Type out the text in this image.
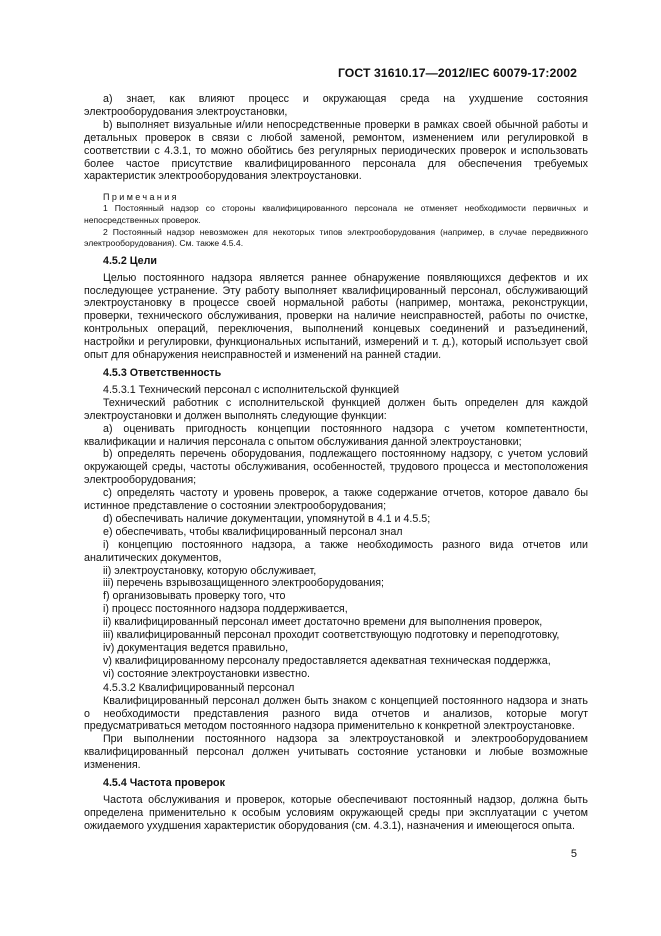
ГОСТ 31610.17—2012/IEC 60079-17:2002

a) знает, как влияют процесс и окружающая среда на ухудшение состояния электрооборудования электроустановки,

b) выполняет визуальные и/или непосредственные проверки в рамках своей обычной работы и детальных проверок в связи с любой заменой, ремонтом, изменением или регулировкой в соответствии с 4.3.1, то можно обойтись без регулярных периодических проверок и использовать более частое присутствие квалифицированного персонала для обеспечения требуемых характеристик электрооборудования электроустановки.

Примечания

1 Постоянный надзор со стороны квалифицированного персонала не отменяет необходимости первичных и непосредственных проверок.

2 Постоянный надзор невозможен для некоторых типов электрооборудования (например, в случае передвижного электрооборудования). См. также 4.5.4.

4.5.2 Цели

Целью постоянного надзора является раннее обнаружение появляющихся дефектов и их последующее устранение. Эту работу выполняет квалифицированный персонал, обслуживающий электроустановку в процессе своей нормальной работы (например, монтажа, реконструкции, проверки, технического обслуживания, проверки на наличие неисправностей, работы по очистке, контрольных операций, переключения, выполнений концевых соединений и разъединений, настройки и регулировки, функциональных испытаний, измерений и т. д.), который использует свой опыт для обнаружения неисправностей и изменений на ранней стадии.

4.5.3 Ответственность

4.5.3.1 Технический персонал с исполнительской функцией

Технический работник с исполнительской функцией должен быть определен для каждой электроустановки и должен выполнять следующие функции:

a) оценивать пригодность концепции постоянного надзора с учетом компетентности, квалификации и наличия персонала с опытом обслуживания данной электроустановки;

b) определять перечень оборудования, подлежащего постоянному надзору, с учетом условий окружающей среды, частоты обслуживания, особенностей, трудового процесса и местоположения электрооборудования;

c) определять частоту и уровень проверок, а также содержание отчетов, которое давало бы истинное представление о состоянии электрооборудования;

d) обеспечивать наличие документации, упомянутой в 4.1 и 4.5.5;

e) обеспечивать, чтобы квалифицированный персонал знал

i) концепцию постоянного надзора, а также необходимость разного вида отчетов или аналитических документов,

ii) электроустановку, которую обслуживает,

iii) перечень взрывозащищенного электрооборудования;

f) организовывать проверку того, что

i) процесс постоянного надзора поддерживается,

ii) квалифицированный персонал имеет достаточно времени для выполнения проверок,

iii) квалифицированный персонал проходит соответствующую подготовку и переподготовку,

iv) документация ведется правильно,

v) квалифицированному персоналу предоставляется адекватная техническая поддержка,

vi) состояние электроустановки известно.

4.5.3.2 Квалифицированный персонал

Квалифицированный персонал должен быть знаком с концепцией постоянного надзора и знать о необходимости представления разного вида отчетов и анализов, которые могут предусматриваться методом постоянного надзора применительно к конкретной электроустановке.

При выполнении постоянного надзора за электроустановкой и электрооборудованием квалифицированный персонал должен учитывать состояние установки и любые возможные изменения.

4.5.4 Частота проверок

Частота обслуживания и проверок, которые обеспечивают постоянный надзор, должна быть определена применительно к особым условиям окружающей среды при эксплуатации с учетом ожидаемого ухудшения характеристик оборудования (см. 4.3.1), назначения и имеющегося опыта.

5
